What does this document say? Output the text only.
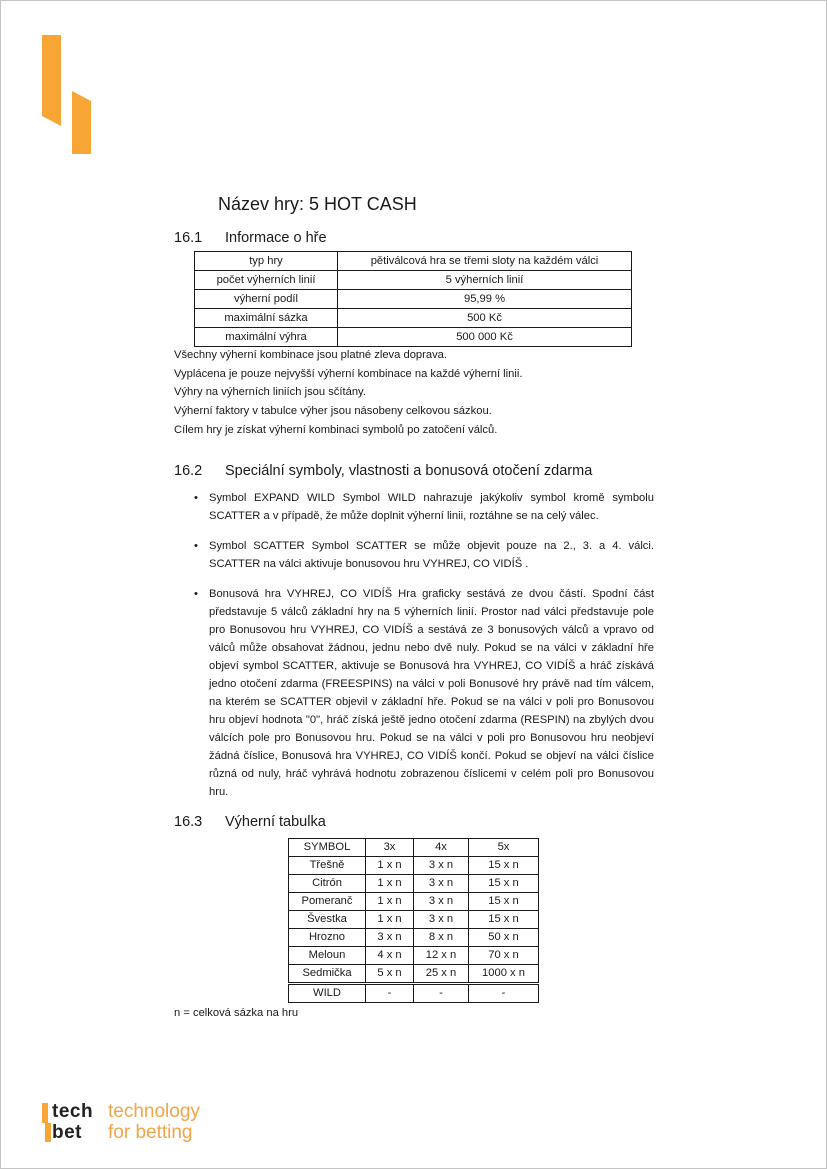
Název hry: 5 HOT CASH
16.1 Informace o hře
typ hry	pětiválcová hra se třemi sloty na každém válci
počet výherních linií	5 výherních linií
výherní podíl	95,99 %
maximální sázka	500 Kč
maximální výhra	500 000 Kč
Všechny výherní kombinace jsou platné zleva doprava.
Vyplácena je pouze nejvyšší výherní kombinace na každé výherní linii.
Výhry na výherních liniích jsou sčítány.
Výherní faktory v tabulce výher jsou násobeny celkovou sázkou.
Cílem hry je získat výherní kombinaci symbolů po zatočení válců.
16.2 Speciální symboly, vlastnosti a bonusová otočení zdarma
• Symbol EXPAND WILD Symbol WILD nahrazuje jakýkoliv symbol kromě symbolu SCATTER a v případě, že může doplnit výherní linii, roztáhne se na celý válec.
• Symbol SCATTER Symbol SCATTER se může objevit pouze na 2., 3. a 4. válci. SCATTER na válci aktivuje bonusovou hru VYHREJ, CO VIDÍŠ .
• Bonusová hra VYHREJ, CO VIDÍŠ Hra graficky sestává ze dvou částí. Spodní část představuje 5 válců základní hry na 5 výherních linií. Prostor nad válci představuje pole pro Bonusovou hru VYHREJ, CO VIDÍŠ a sestává ze 3 bonusových válců a vpravo od válců může obsahovat žádnou, jednu nebo dvě nuly. Pokud se na válci v základní hře objeví symbol SCATTER, aktivuje se Bonusová hra VYHREJ, CO VIDÍŠ a hráč získává jedno otočení zdarma (FREESPINS) na válci v poli Bonusové hry právě nad tím válcem, na kterém se SCATTER objevil v základní hře. Pokud se na válci v poli pro Bonusovou hru objeví hodnota "0", hráč získá ještě jedno otočení zdarma (RESPIN) na zbylých dvou válcích pole pro Bonusovou hru. Pokud se na válci v poli pro Bonusovou hru neobjeví žádná číslice, Bonusová hra VYHREJ, CO VIDÍŠ končí. Pokud se objeví na válci číslice různá od nuly, hráč vyhrává hodnotu zobrazenou číslicemi v celém poli pro Bonusovou hru.
16.3 Výherní tabulka
SYMBOL	3x	4x	5x
Třešně	1 x n	3 x n	15 x n
Citrón	1 x n	3 x n	15 x n
Pomeranč	1 x n	3 x n	15 x n
Švestka	1 x n	3 x n	15 x n
Hrozno	3 x n	8 x n	50 x n
Meloun	4 x n	12 x n	70 x n
Sedmička	5 x n	25 x n	1000 x n
WILD	-	-	-
n = celková sázka na hru
tech
bet
technology
for betting
